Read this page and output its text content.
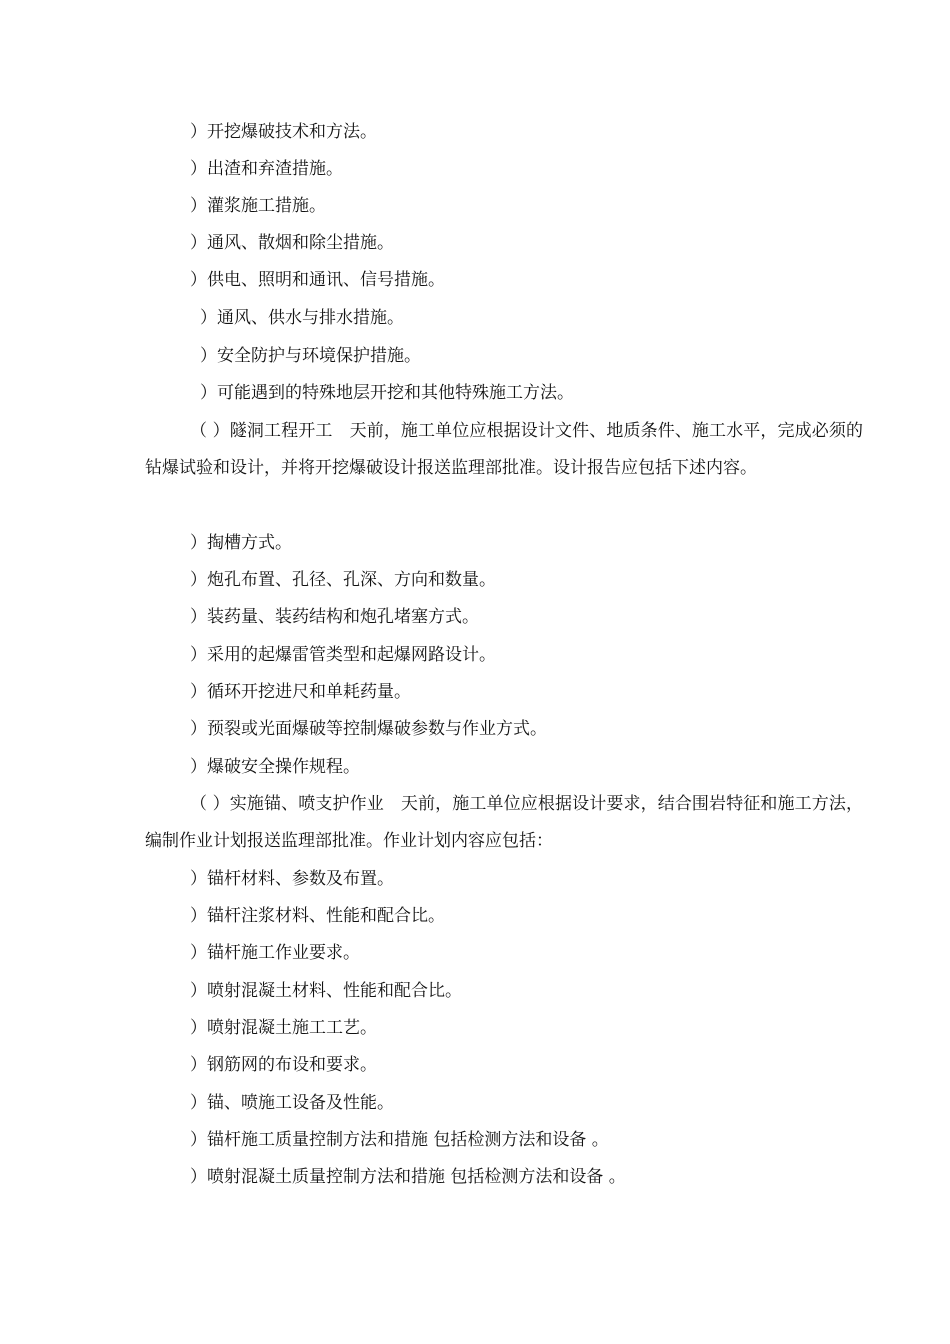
）开挖爆破技术和方法。
）出渣和弃渣措施。
）灌浆施工措施。
）通风、散烟和除尘措施。
）供电、照明和通讯、信号措施。
）通风、供水与排水措施。
）安全防护与环境保护措施。
）可能遇到的特殊地层开挖和其他特殊施工方法。
（ ）隧洞工程开工　天前，施工单位应根据设计文件、地质条件、施工水平，完成必须的钻爆试验和设计，并将开挖爆破设计报送监理部批准。设计报告应包括下述内容。
）掏槽方式。
）炮孔布置、孔径、孔深、方向和数量。
）装药量、装药结构和炮孔堵塞方式。
）采用的起爆雷管类型和起爆网路设计。
）循环开挖进尺和单耗药量。
）预裂或光面爆破等控制爆破参数与作业方式。
）爆破安全操作规程。
（ ）实施锚、喷支护作业　天前，施工单位应根据设计要求，结合围岩特征和施工方法，编制作业计划报送监理部批准。作业计划内容应包括：
）锚杆材料、参数及布置。
）锚杆注浆材料、性能和配合比。
）锚杆施工作业要求。
）喷射混凝土材料、性能和配合比。
）喷射混凝土施工工艺。
）钢筋网的布设和要求。
）锚、喷施工设备及性能。
）锚杆施工质量控制方法和措施 包括检测方法和设备 。
）喷射混凝土质量控制方法和措施 包括检测方法和设备 。
